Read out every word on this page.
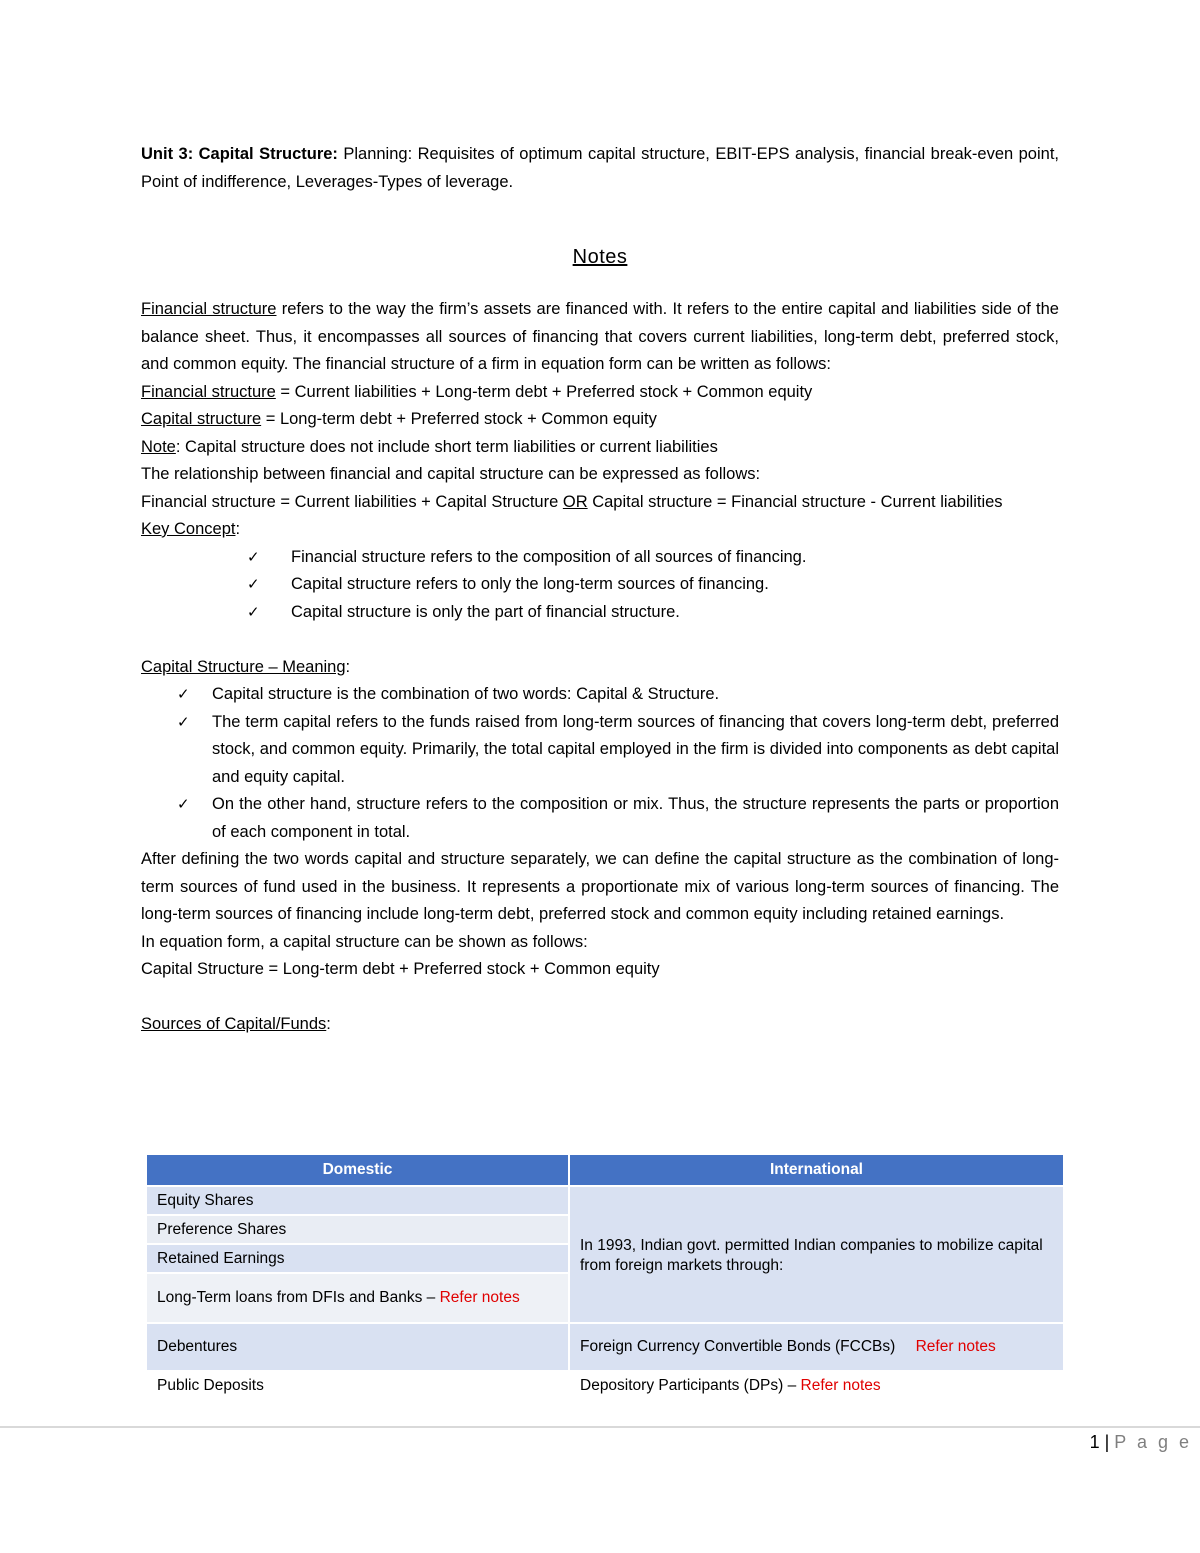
Unit 3: Capital Structure: Planning: Requisites of optimum capital structure, EBIT-EPS analysis, financial break-even point, Point of indifference, Leverages-Types of leverage.

Notes

Financial structure refers to the way the firm’s assets are financed with. It refers to the entire capital and liabilities side of the balance sheet. Thus, it encompasses all sources of financing that covers current liabilities, long-term debt, preferred stock, and common equity. The financial structure of a firm in equation form can be written as follows:

Financial structure = Current liabilities + Long-term debt + Preferred stock + Common equity

Capital structure = Long-term debt + Preferred stock + Common equity

Note: Capital structure does not include short term liabilities or current liabilities

The relationship between financial and capital structure can be expressed as follows:

Financial structure = Current liabilities + Capital Structure OR Capital structure = Financial structure - Current liabilities

Key Concept:

✓ Financial structure refers to the composition of all sources of financing.
✓ Capital structure refers to only the long-term sources of financing.
✓ Capital structure is only the part of financial structure.

Capital Structure – Meaning:

✓ Capital structure is the combination of two words: Capital & Structure.
✓ The term capital refers to the funds raised from long-term sources of financing that covers long-term debt, preferred stock, and common equity. Primarily, the total capital employed in the firm is divided into components as debt capital and equity capital.
✓ On the other hand, structure refers to the composition or mix. Thus, the structure represents the parts or proportion of each component in total.

After defining the two words capital and structure separately, we can define the capital structure as the combination of long-term sources of fund used in the business. It represents a proportionate mix of various long-term sources of financing. The long-term sources of financing include long-term debt, preferred stock and common equity including retained earnings.

In equation form, a capital structure can be shown as follows:

Capital Structure = Long-term debt + Preferred stock + Common equity

Sources of Capital/Funds:

Domestic	International
Equity Shares	In 1993, Indian govt. permitted Indian companies to mobilize capital from foreign markets through:
Preference Shares	
Retained Earnings	
Long-Term loans from DFIs and Banks – Refer notes	
Debentures	Foreign Currency Convertible Bonds (FCCBs) Refer notes
Public Deposits	Depository Participants (DPs) – Refer notes
1 | P a g e
